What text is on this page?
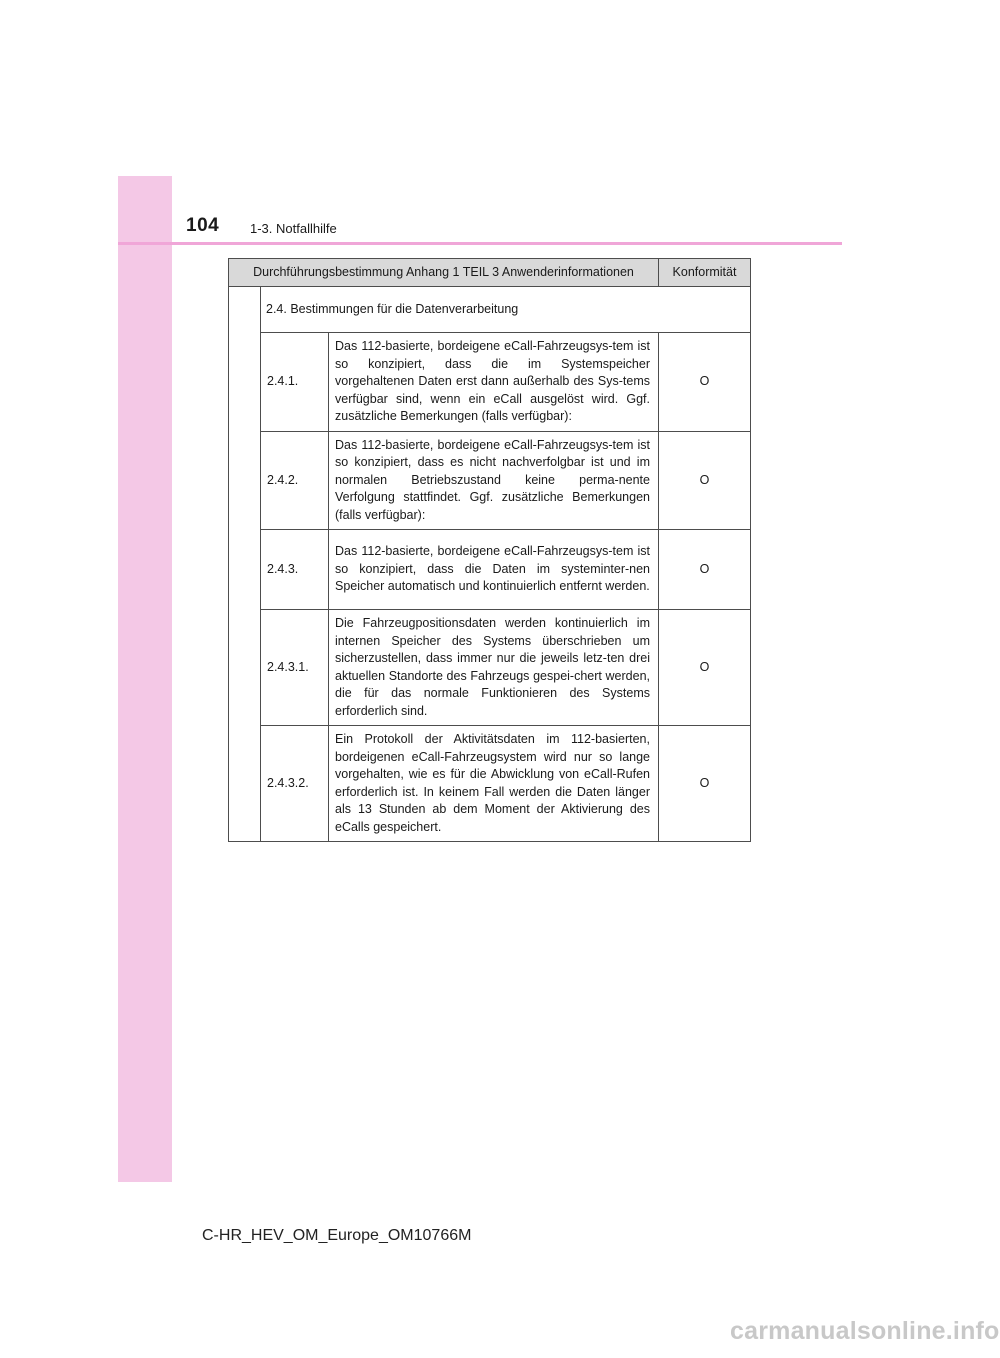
104 1-3. Notfallhilfe
Durchführungsbestimmung Anhang 1 TEIL 3 Anwenderinformationen			Konformität
	2.4. Bestimmungen für die Datenverarbeitung		
	2.4.1.	Das 112-basierte, bordeigene eCall-Fahrzeugsys-tem ist so konzipiert, dass die im Systemspeicher vorgehaltenen Daten erst dann außerhalb des Sys-tems verfügbar sind, wenn ein eCall ausgelöst wird. Ggf. zusätzliche Bemerkungen (falls verfügbar):	O
	2.4.2.	Das 112-basierte, bordeigene eCall-Fahrzeugsys-tem ist so konzipiert, dass es nicht nachverfolgbar ist und im normalen Betriebszustand keine perma-nente Verfolgung stattfindet. Ggf. zusätzliche Bemerkungen (falls verfügbar):	O
	2.4.3.	Das 112-basierte, bordeigene eCall-Fahrzeugsys-tem ist so konzipiert, dass die Daten im systeminter-nen Speicher automatisch und kontinuierlich entfernt werden.	O
	2.4.3.1.	Die Fahrzeugpositionsdaten werden kontinuierlich im internen Speicher des Systems überschrieben um sicherzustellen, dass immer nur die jeweils letz-ten drei aktuellen Standorte des Fahrzeugs gespei-chert werden, die für das normale Funktionieren des Systems erforderlich sind.	O
	2.4.3.2.	Ein Protokoll der Aktivitätsdaten im 112-basierten, bordeigenen eCall-Fahrzeugsystem wird nur so lange vorgehalten, wie es für die Abwicklung von eCall-Rufen erforderlich ist. In keinem Fall werden die Daten länger als 13 Stunden ab dem Moment der Aktivierung des eCalls gespeichert.	O
C-HR_HEV_OM_Europe_OM10766M
carmanualsonline.info
